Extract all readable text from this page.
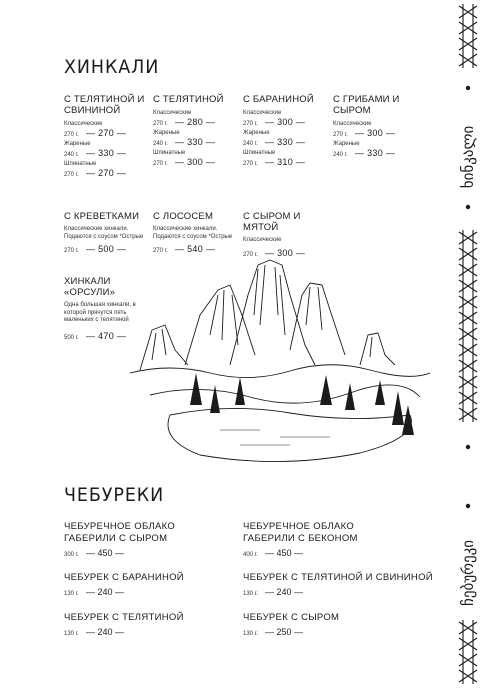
ХИНКАЛИ
С ТЕЛЯТИНОЙ И СВИНИНОЙ
Классические
270 г. — 270 —
Жареные
240 г. — 330 —
Шпинатные
270 г. — 270 —
С ТЕЛЯТИНОЙ
Классические
270 г. — 280 —
Жареные
240 г. — 330 —
Шпинатные
270 г. — 300 —
С БАРАНИНОЙ
Классические
270 г. — 300 —
Жареные
240 г. — 330 —
Шпинатные
270 г. — 310 —
С ГРИБАМИ И СЫРОМ
Классические
270 г. — 300 —
Жареные
240 г. — 330 —
С КРЕВЕТКАМИ
Классические хинкали. Подаются с соусом *Острые
270 г. — 500 —
С ЛОСОСЕМ
Классические хинкали. Подаются с соусом *Острые
270 г. — 540 —
С СЫРОМ И МЯТОЙ
Классические
270 г. — 300 —
ХИНКАЛИ «ОРСУЛИ»
Одна большая хинкали, в которой прячутся пять маленьких с телятиной
500 г. — 470 —
ЧЕБУРЕКИ
ЧЕБУРЕЧНОЕ ОБЛАКО ГАБЕРИЛИ С СЫРОМ
300 г. — 450 —
ЧЕБУРЕЧНОЕ ОБЛАКО ГАБЕРИЛИ С БЕКОНОМ
400 г. — 450 —
ЧЕБУРЕК С БАРАНИНОЙ
130 г. — 240 —
ЧЕБУРЕК С ТЕЛЯТИНОЙ И СВИНИНОЙ
130 г. — 240 —
ЧЕБУРЕК С ТЕЛЯТИНОЙ
130 г. — 240 —
ЧЕБУРЕК С СЫРОМ
130 г. — 250 —
ხინკალი
ჩებურეკი
